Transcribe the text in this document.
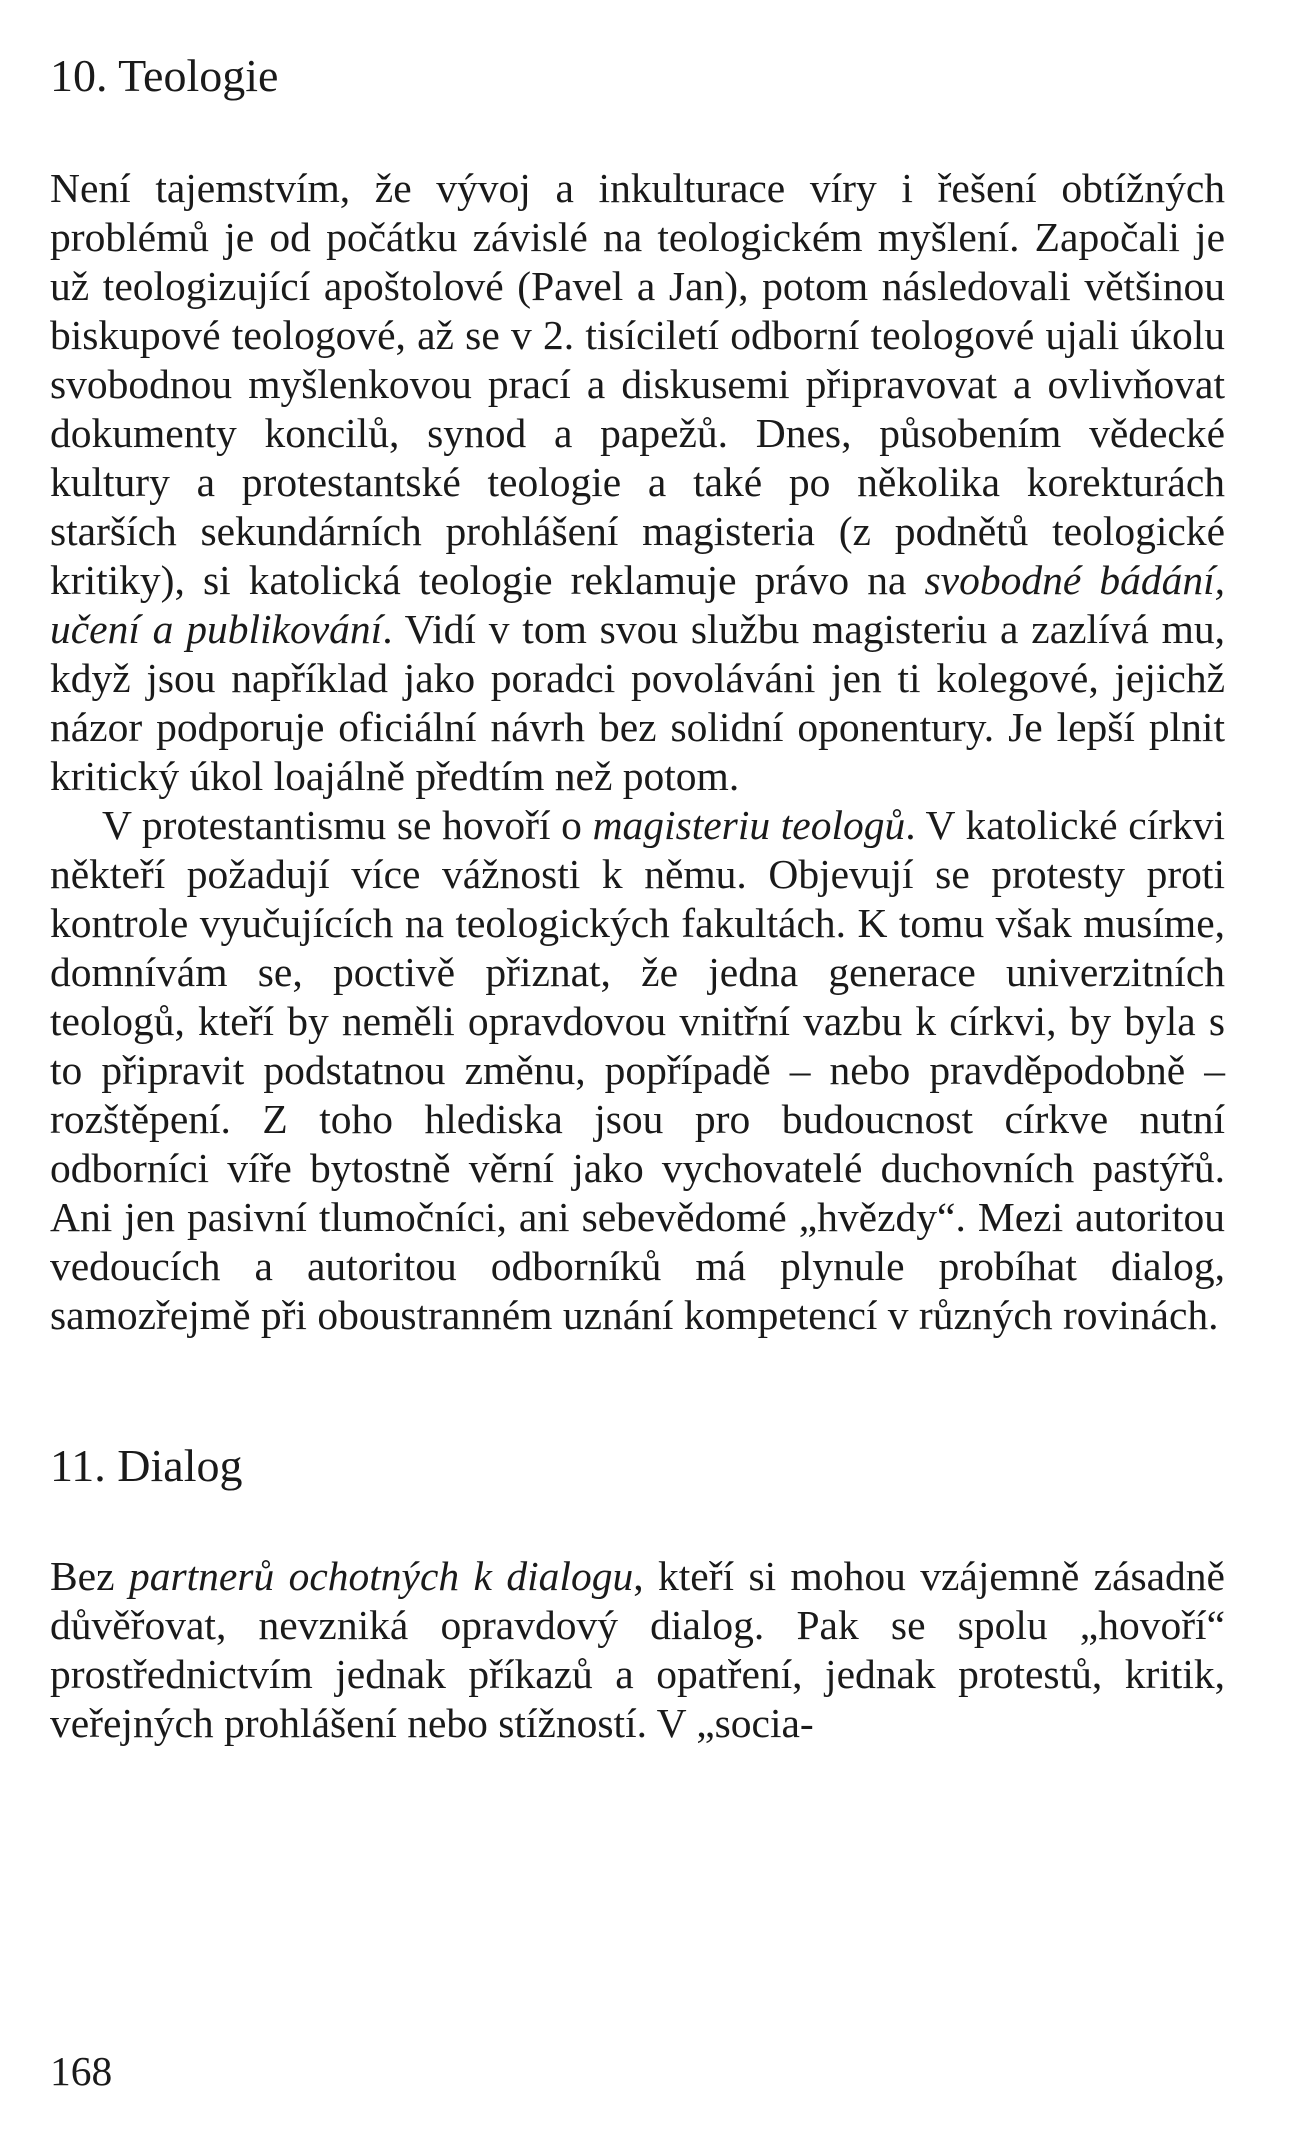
10. Teologie

Není tajemstvím, že vývoj a inkulturace víry i řešení obtížných problémů je od počátku závislé na teologickém myšlení. Započali je už teologizující apoštolové (Pavel a Jan), potom následovali většinou biskupové teologové, až se v 2. tisíciletí odborní teologové ujali úkolu svobodnou myšlenkovou prací a diskusemi připravovat a ovlivňovat dokumenty koncilů, synod a papežů. Dnes, působením vědecké kultury a protestantské teologie a také po několika korekturách starších sekundárních prohlášení magisteria (z podnětů teologické kritiky), si katolická teologie reklamuje právo na svobodné bádání, učení a publikování. Vidí v tom svou službu magisteriu a zazlívá mu, když jsou například jako poradci povoláváni jen ti kolegové, jejichž názor podporuje oficiální návrh bez solidní oponentury. Je lepší plnit kritický úkol loajálně předtím než potom.

V protestantismu se hovoří o magisteriu teologů. V katolické církvi někteří požadují více vážnosti k němu. Objevují se protesty proti kontrole vyučujících na teologických fakultách. K tomu však musíme, domnívám se, poctivě přiznat, že jedna generace univerzitních teologů, kteří by neměli opravdovou vnitřní vazbu k církvi, by byla s to připravit podstatnou změnu, popřípadě – nebo pravděpodobně – rozštěpení. Z toho hlediska jsou pro budoucnost církve nutní odborníci víře bytostně věrní jako vychovatelé duchovních pastýřů. Ani jen pasivní tlumočníci, ani sebevědomé „hvězdy“. Mezi autoritou vedoucích a autoritou odborníků má plynule probíhat dialog, samozřejmě při oboustranném uznání kompetencí v různých rovinách.

11. Dialog

Bez partnerů ochotných k dialogu, kteří si mohou vzájemně zásadně důvěřovat, nevzniká opravdový dialog. Pak se spolu „hovoří“ prostřednictvím jednak příkazů a opatření, jednak protestů, kritik, veřejných prohlášení nebo stížností. V „socia-

168
